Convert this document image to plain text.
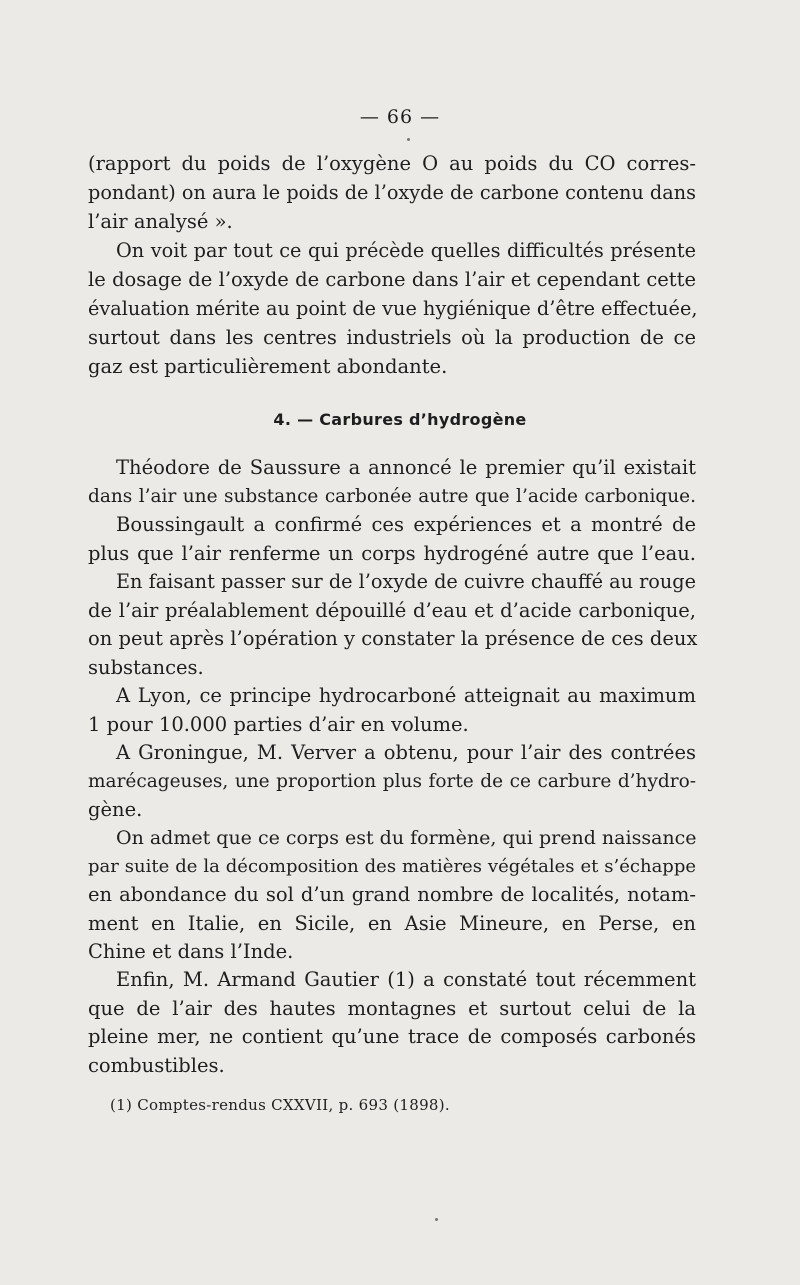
— 66 —
(rapport du poids de l’oxygène O au poids du CO corres-
pondant) on aura le poids de l’oxyde de carbone contenu dans
l’air analysé ».
On voit par tout ce qui précède quelles difficultés présente
le dosage de l’oxyde de carbone dans l’air et cependant cette
évaluation mérite au point de vue hygiénique d’être effectuée,
surtout dans les centres industriels où la production de ce
gaz est particulièrement abondante.
4. — Carbures d’hydrogène
Théodore de Saussure a annoncé le premier qu’il existait
dans l’air une substance carbonée autre que l’acide carbonique.
Boussingault a confirmé ces expériences et a montré de
plus que l’air renferme un corps hydrogéné autre que l’eau.
En faisant passer sur de l’oxyde de cuivre chauffé au rouge
de l’air préalablement dépouillé d’eau et d’acide carbonique,
on peut après l’opération y constater la présence de ces deux
substances.
A Lyon, ce principe hydrocarboné atteignait au maximum
1 pour 10.000 parties d’air en volume.
A Groningue, M. Verver a obtenu, pour l’air des contrées
marécageuses, une proportion plus forte de ce carbure d’hydro-
gène.
On admet que ce corps est du formène, qui prend naissance
par suite de la décomposition des matières végétales et s’échappe
en abondance du sol d’un grand nombre de localités, notam-
ment en Italie, en Sicile, en Asie Mineure, en Perse, en
Chine et dans l’Inde.
Enfin, M. Armand Gautier (1) a constaté tout récemment
que de l’air des hautes montagnes et surtout celui de la
pleine mer, ne contient qu’une trace de composés carbonés
combustibles.
(1) Comptes-rendus CXXVII, p. 693 (1898).
